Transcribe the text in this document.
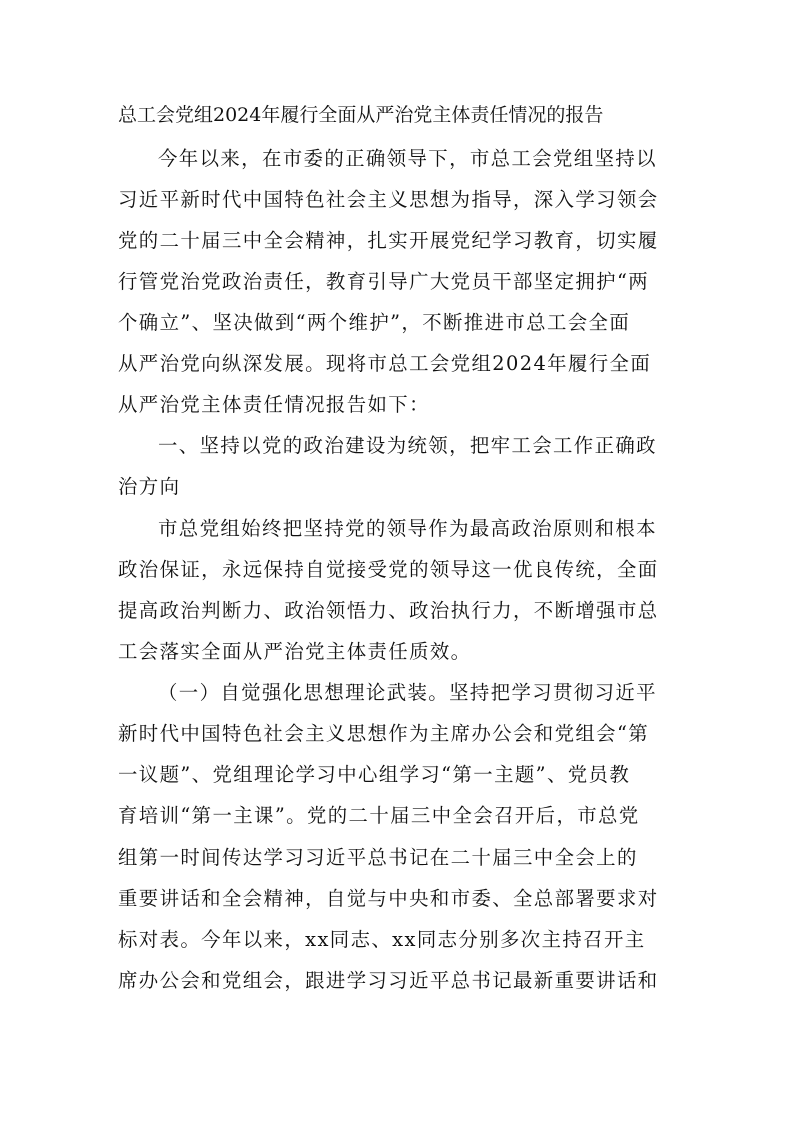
总工会党组2024年履行全面从严治党主体责任情况的报告
今年以来，在市委的正确领导下，市总工会党组坚持以
习近平新时代中国特色社会主义思想为指导，深入学习领会
党的二十届三中全会精神，扎实开展党纪学习教育，切实履
行管党治党政治责任，教育引导广大党员干部坚定拥护“两
个确立”、坚决做到“两个维护”，不断推进市总工会全面
从严治党向纵深发展。现将市总工会党组2024年履行全面
从严治党主体责任情况报告如下：
一、坚持以党的政治建设为统领，把牢工会工作正确政
治方向
市总党组始终把坚持党的领导作为最高政治原则和根本
政治保证，永远保持自觉接受党的领导这一优良传统，全面
提高政治判断力、政治领悟力、政治执行力，不断增强市总
工会落实全面从严治党主体责任质效。
（一）自觉强化思想理论武装。坚持把学习贯彻习近平
新时代中国特色社会主义思想作为主席办公会和党组会“第
一议题”、党组理论学习中心组学习“第一主题”、党员教
育培训“第一主课”。党的二十届三中全会召开后，市总党
组第一时间传达学习习近平总书记在二十届三中全会上的
重要讲话和全会精神，自觉与中央和市委、全总部署要求对
标对表。今年以来，xx同志、xx同志分别多次主持召开主
席办公会和党组会，跟进学习习近平总书记最新重要讲话和
